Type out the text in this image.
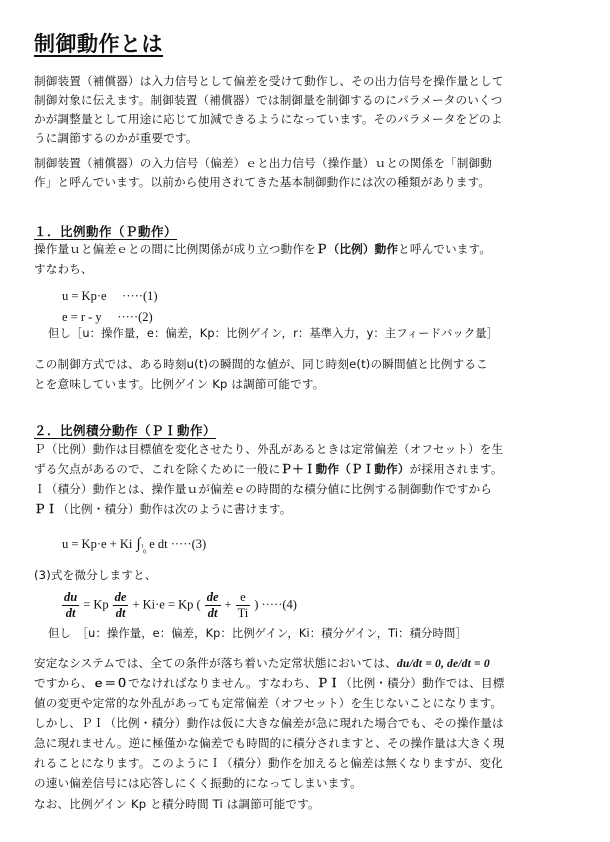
制御動作とは
制御装置（補償器）は入力信号として偏差を受けて動作し、その出力信号を操作量として
制御対象に伝えます。制御装置（補償器）では制御量を制御するのにパラメータのいくつ
かが調整量として用途に応じて加減できるようになっています。そのパラメータをどのよ
うに調節するのかが重要です。
制御装置（補償器）の入力信号（偏差）ｅと出力信号（操作量）ｕとの関係を「制御動
作」と呼んでいます。以前から使用されてきた基本制御動作には次の種類があります。
１．比例動作（Ｐ動作）
操作量ｕと偏差ｅとの間に比例関係が成り立つ動作をＰ（比例）動作と呼んでいます。
すなわち、
u = Kp·e　 ·····(1)
e = r - y　 ·····(2)
但し［u：操作量，e：偏差，Kp：比例ゲイン，r：基準入力，y：主フィードバック量］
この制御方式では、ある時刻u(t)の瞬間的な値が、同じ時刻e(t)の瞬間値と比例するこ
とを意味しています。比例ゲイン Kp は調節可能です。
２．比例積分動作（ＰＩ動作）
Ｐ（比例）動作は目標値を変化させたり、外乱があるときは定常偏差（オフセット）を生
ずる欠点があるので、これを除くために一般にＰ＋Ｉ動作（ＰＩ動作）が採用されます。
Ｉ（積分）動作とは、操作量ｕが偏差ｅの時間的な積分値に比例する制御動作ですから
ＰＩ（比例・積分）動作は次のように書けます。
u = Kp·e + Ki $\int_{^t_0}$ e dt ·····(3)
(3)式を微分しますと、
$\frac{du}{dt} = Kp \frac{de}{dt} + Ki\cdot e = Kp$ ( $\frac{de}{dt} + \frac{e}{Ti}$ ) ·····(4)
但し　［u：操作量，e：偏差，Kp：比例ゲイン，Ki：積分ゲイン，Ti：積分時間］
安定なシステムでは、全ての条件が落ち着いた定常状態においては、du/dt = 0, de/dt = 0
ですから、ｅ＝０でなければなりません。すなわち、ＰＩ（比例・積分）動作では、目標
値の変更や定常的な外乱があっても定常偏差（オフセット）を生じないことになります。
しかし、ＰＩ（比例・積分）動作は仮に大きな偏差が急に現れた場合でも、その操作量は
急に現れません。逆に極僅かな偏差でも時間的に積分されますと、その操作量は大きく現
れることになります。このようにＩ（積分）動作を加えると偏差は無くなりますが、変化
の速い偏差信号には応答しにくく振動的になってしまいます。
なお、比例ゲイン Kp と積分時間 Ti は調節可能です。
